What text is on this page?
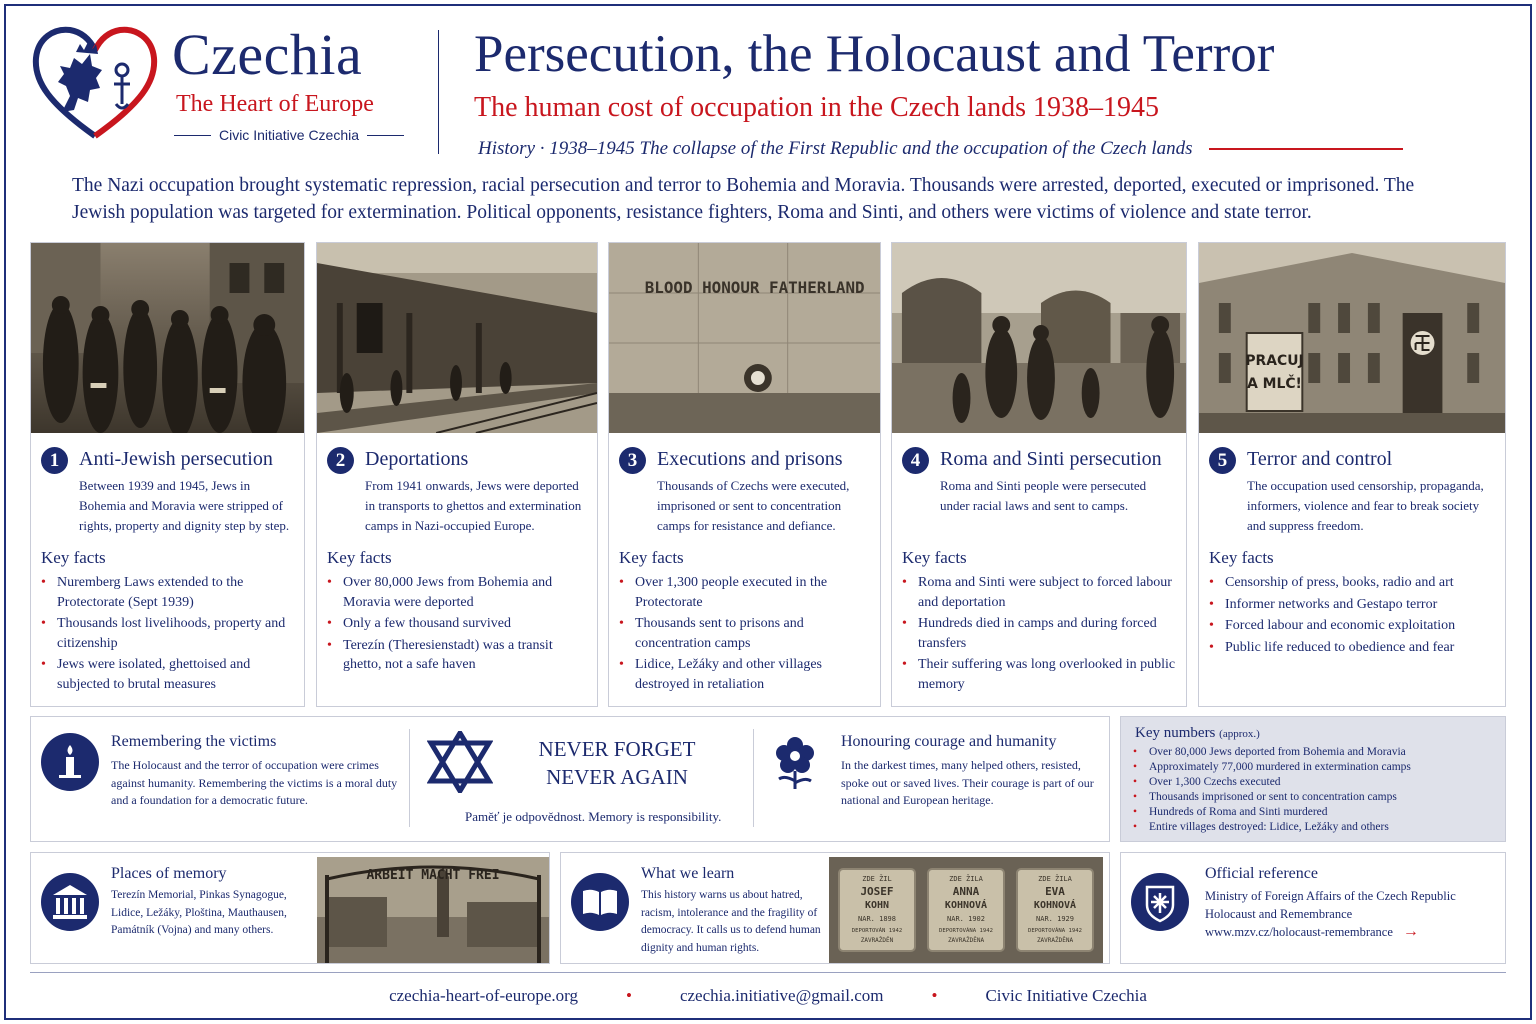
Czechia
The Heart of Europe
Civic Initiative Czechia
Persecution, the Holocaust and Terror
The human cost of occupation in the Czech lands 1938–1945
History · 1938–1945 The collapse of the First Republic and the occupation of the Czech lands
The Nazi occupation brought systematic repression, racial persecution and terror to Bohemia and Moravia. Thousands were arrested, deported, executed or imprisoned. The Jewish population was targeted for extermination. Political opponents, resistance fighters, Roma and Sinti, and others were victims of violence and state terror.
1 Anti-Jewish persecution
Between 1939 and 1945, Jews in Bohemia and Moravia were stripped of rights, property and dignity step by step.
Key facts
• Nuremberg Laws extended to the Protectorate (Sept 1939)
• Thousands lost livelihoods, property and citizenship
• Jews were isolated, ghettoised and subjected to brutal measures
2 Deportations
From 1941 onwards, Jews were deported in transports to ghettos and extermination camps in Nazi-occupied Europe.
Key facts
• Over 80,000 Jews from Bohemia and Moravia were deported
• Only a few thousand survived
• Terezín (Theresienstadt) was a transit ghetto, not a safe haven
BLOOD HONOUR FATHERLAND
3 Executions and prisons
Thousands of Czechs were executed, imprisoned or sent to concentration camps for resistance and defiance.
Key facts
• Over 1,300 people executed in the Protectorate
• Thousands sent to prisons and concentration camps
• Lidice, Ležáky and other villages destroyed in retaliation
4 Roma and Sinti persecution
Roma and Sinti people were persecuted under racial laws and sent to camps.
Key facts
• Roma and Sinti were subject to forced labour and deportation
• Hundreds died in camps and during forced transfers
• Their suffering was long overlooked in public memory
PRACUJ
A MLČ!
5 Terror and control
The occupation used censorship, propaganda, informers, violence and fear to break society and suppress freedom.
Key facts
• Censorship of press, books, radio and art
• Informer networks and Gestapo terror
• Forced labour and economic exploitation
• Public life reduced to obedience and fear
Remembering the victims
The Holocaust and the terror of occupation were crimes against humanity. Remembering the victims is a moral duty and a foundation for a democratic future.
NEVER FORGET
NEVER AGAIN
Paměť je odpovědnost. Memory is responsibility.
Honouring courage and humanity
In the darkest times, many helped others, resisted, spoke out or saved lives. Their courage is part of our national and European heritage.
Key numbers (approx.)
• Over 80,000 Jews deported from Bohemia and Moravia
• Approximately 77,000 murdered in extermination camps
• Over 1,300 Czechs executed
• Thousands imprisoned or sent to concentration camps
• Hundreds of Roma and Sinti murdered
• Entire villages destroyed: Lidice, Ležáky and others
Places of memory
Terezín Memorial, Pinkas Synagogue, Lidice, Ležáky, Ploština, Mauthausen, Památník (Vojna) and many others.
ARBEIT MACHT FREI	What we learn
This history warns us about hatred, racism, intolerance and the fragility of democracy. It calls us to defend human dignity and human rights.
ZDE ŽIL	ZDE ŽILA	ZDE ŽILA
JOSEF	ANNA	EVA
KOHN	KOHNOVÁ	KOHNOVÁ
NAR. 1898	NAR. 1902	NAR. 1929
DEPORTOVÁN 1942	DEPORTOVÁNA 1942	DEPORTOVÁNA 1942
ZAVRAŽDĚN	ZAVRAŽDĚNA	ZAVRAŽDĚNA
Official reference
Ministry of Foreign Affairs of the Czech Republic
Holocaust and Remembrance
www.mzv.cz/holocaust-remembrance →
czechia-heart-of-europe.org	•	czechia.initiative@gmail.com	•	Civic Initiative Czechia
